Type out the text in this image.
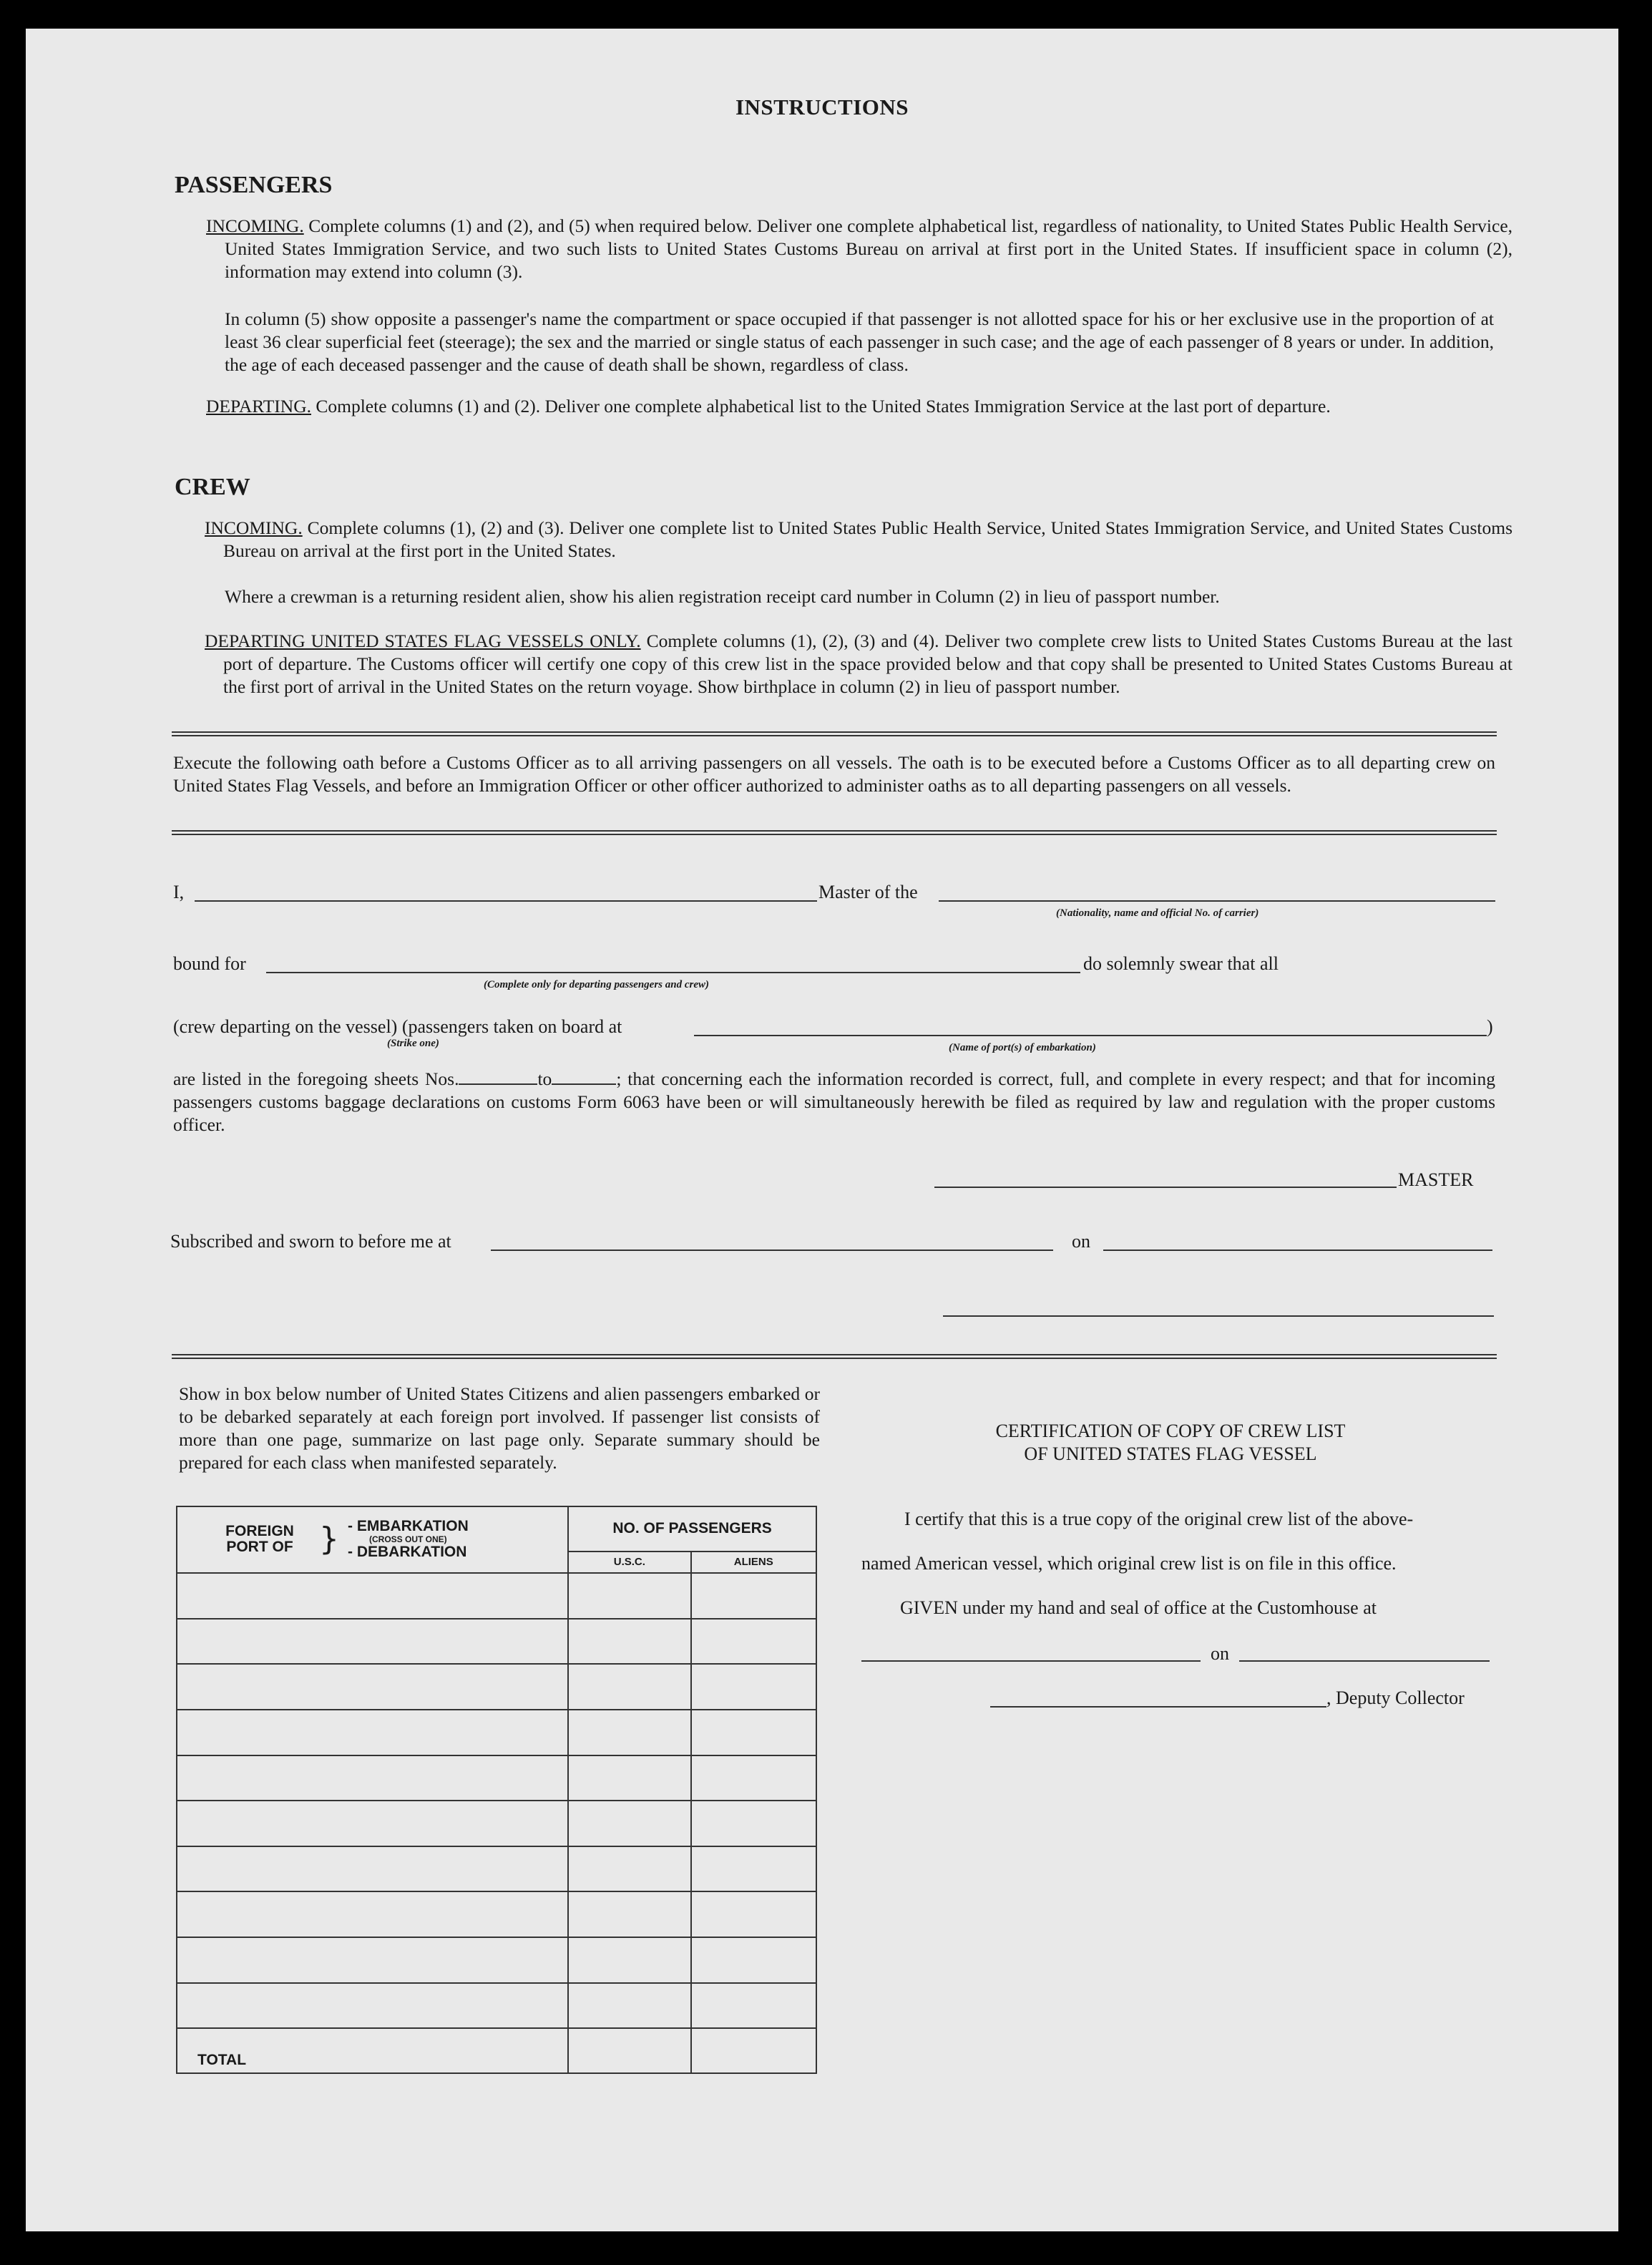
INSTRUCTIONS
PASSENGERS
INCOMING. Complete columns (1) and (2), and (5) when required below. Deliver one complete alphabetical list, regardless of nationality, to United States Public Health Service, United States Immigration Service, and two such lists to United States Customs Bureau on arrival at first port in the United States. If insufficient space in column (2), information may extend into column (3).
In column (5) show opposite a passenger's name the compartment or space occupied if that passenger is not allotted space for his or her exclusive use in the proportion of at least 36 clear superficial feet (steerage); the sex and the married or single status of each passenger in such case; and the age of each passenger of 8 years or under. In addition, the age of each deceased passenger and the cause of death shall be shown, regardless of class.
DEPARTING. Complete columns (1) and (2). Deliver one complete alphabetical list to the United States Immigration Service at the last port of departure.
CREW
INCOMING. Complete columns (1), (2) and (3). Deliver one complete list to United States Public Health Service, United States Immigration Service, and United States Customs Bureau on arrival at the first port in the United States.
Where a crewman is a returning resident alien, show his alien registration receipt card number in Column (2) in lieu of passport number.
DEPARTING UNITED STATES FLAG VESSELS ONLY. Complete columns (1), (2), (3) and (4). Deliver two complete crew lists to United States Customs Bureau at the last port of departure. The Customs officer will certify one copy of this crew list in the space provided below and that copy shall be presented to United States Customs Bureau at the first port of arrival in the United States on the return voyage. Show birthplace in column (2) in lieu of passport number.
Execute the following oath before a Customs Officer as to all arriving passengers on all vessels. The oath is to be executed before a Customs Officer as to all departing crew on United States Flag Vessels, and before an Immigration Officer or other officer authorized to administer oaths as to all departing passengers on all vessels.
I,	Master of the
(Nationality, name and official No. of carrier)
bound for
(Complete only for departing passengers and crew)
do solemnly swear that all
(crew departing on the vessel) (passengers taken on board at
(Strike one)	(Name of port(s) of embarkation)
)
are listed in the foregoing sheets Nos.	to	; that concerning each the information recorded is correct, full, and complete in every respect; and that for incoming passengers customs baggage declarations on customs Form 6063 have been or will simultaneously herewith be filed as required by law and regulation with the proper customs officer.
MASTER
Subscribed and sworn to before me at	on
Show in box below number of United States Citizens and alien passengers embarked or to be debarked separately at each foreign port involved. If passenger list consists of more than one page, summarize on last page only. Separate summary should be prepared for each class when manifested separately.
FOREIGN PORT OF } - EMBARKATION
(CROSS OUT ONE)
- DEBARKATION	NO. OF PASSENGERS	
	U.S.C.	ALIENS

TOTAL		
CERTIFICATION OF COPY OF CREW LIST
OF UNITED STATES FLAG VESSEL
I certify that this is a true copy of the original crew list of the above-
named American vessel, which original crew list is on file in this office.
GIVEN under my hand and seal of office at the Customhouse at
on
, Deputy Collector
